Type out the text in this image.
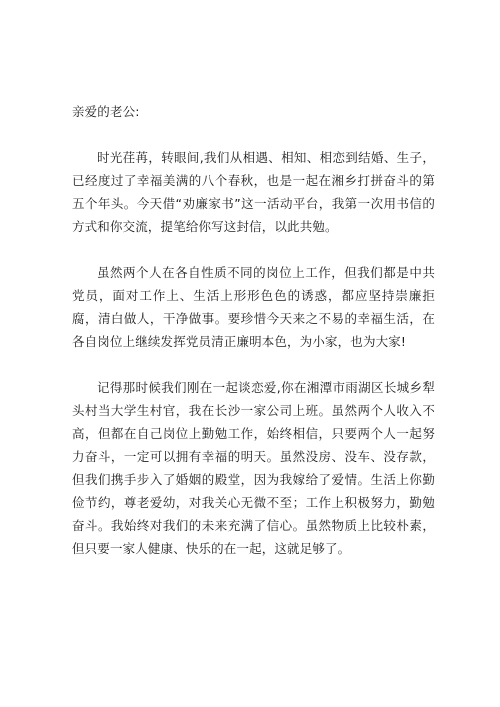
亲爱的老公:

时光荏苒，转眼间,我们从相遇、相知、相恋到结婚、生子，已经度过了幸福美满的八个春秋，也是一起在湘乡打拼奋斗的第五个年头。今天借“劝廉家书”这一活动平台，我第一次用书信的方式和你交流，提笔给你写这封信，以此共勉。

虽然两个人在各自性质不同的岗位上工作，但我们都是中共党员，面对工作上、生活上形形色色的诱惑，都应坚持崇廉拒腐，清白做人，干净做事。要珍惜今天来之不易的幸福生活，在各自岗位上继续发挥党员清正廉明本色，为小家，也为大家!

记得那时候我们刚在一起谈恋爱,你在湘潭市雨湖区长城乡犁头村当大学生村官，我在长沙一家公司上班。虽然两个人收入不高，但都在自己岗位上勤勉工作，始终相信，只要两个人一起努力奋斗，一定可以拥有幸福的明天。虽然没房、没车、没存款，但我们携手步入了婚姻的殿堂，因为我嫁给了爱情。生活上你勤俭节约，尊老爱幼，对我关心无微不至；工作上积极努力，勤勉奋斗。我始终对我们的未来充满了信心。虽然物质上比较朴素，但只要一家人健康、快乐的在一起，这就足够了。
